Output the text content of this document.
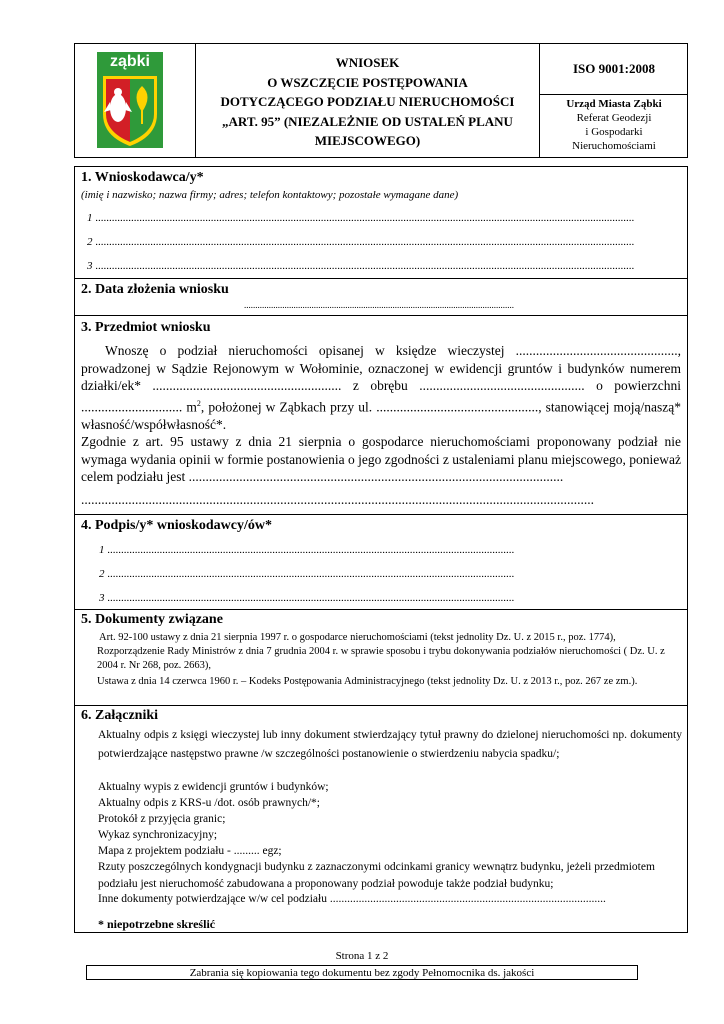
ząbki	WNIOSEK
O WSZCZĘCIE POSTĘPOWANIA
DOTYCZĄCEGO PODZIAŁU NIERUCHOMOŚCI
„ART. 95” (NIEZALEŻNIE OD USTALEŃ PLANU
MIEJSCOWEGO)
ISO 9001:2008
Urząd Miasta Ząbki
Referat Geodezji
i Gospodarki
Nieruchomościami
1. Wnioskodawca/y*
(imię i nazwisko; nazwa firmy; adres; telefon kontaktowy; pozostałe wymagane dane)
1 ....................................................................................................................................................................................................
2 ....................................................................................................................................................................................................
3 ....................................................................................................................................................................................................
2. Data złożenia wniosku
........................................................................................................................
3. Przedmiot wniosku
Wnoszę o podział nieruchomości opisanej w księdze wieczystej ................................................, prowadzonej w Sądzie Rejonowym w Wołominie, oznaczonej w ewidencji gruntów i budynków numerem działki/ek* ........................................................ z obrębu ................................................. o powierzchni .............................. $m^2$, położonej w Ząbkach przy ul. ................................................, stanowiącej moją/naszą* własność/współwłasność*.
Zgodnie z art. 95 ustawy z dnia 21 sierpnia o gospodarce nieruchomościami proponowany podział nie wymaga wydania opinii w formie postanowienia o jego zgodności z ustaleniami planu miejscowego, ponieważ celem podziału jest ...............................................................................................................
........................................................................................................................................................
4. Podpis/y* wnioskodawcy/ów*
1 ....................................................................................................................................................
2 ....................................................................................................................................................
3 ....................................................................................................................................................
5. Dokumenty związane
Art. 92-100 ustawy z dnia 21 sierpnia 1997 r. o gospodarce nieruchomościami (tekst jednolity Dz. U. z 2015 r., poz. 1774),
Rozporządzenie Rady Ministrów z dnia 7 grudnia 2004 r. w sprawie sposobu i trybu dokonywania podziałów nieruchomości ( Dz. U. z 2004 r. Nr 268, poz. 2663),
Ustawa z dnia 14 czerwca 1960 r. – Kodeks Postępowania Administracyjnego (tekst jednolity Dz. U. z 2013 r., poz. 267 ze zm.).
6. Załączniki
Aktualny odpis z księgi wieczystej lub inny dokument stwierdzający tytuł prawny do dzielonej nieruchomości np. dokumenty potwierdzające następstwo prawne /w szczególności postanowienie o stwierdzeniu nabycia spadku/;
Aktualny wypis z ewidencji gruntów i budynków;
Aktualny odpis z KRS-u /dot. osób prawnych/*;
Protokół z przyjęcia granic;
Wykaz synchronizacyjny;
Mapa z projektem podziału - ......... egz;
Rzuty poszczególnych kondygnacji budynku z zaznaczonymi odcinkami granicy wewnątrz budynku, jeżeli przedmiotem podziału jest nieruchomość zabudowana a proponowany podział powoduje także podział budynku;
Inne dokumenty potwierdzające w/w cel podziału ................................................................................................
* niepotrzebne skreślić
Strona 1 z 2
Zabrania się kopiowania tego dokumentu bez zgody Pełnomocnika ds. jakości
